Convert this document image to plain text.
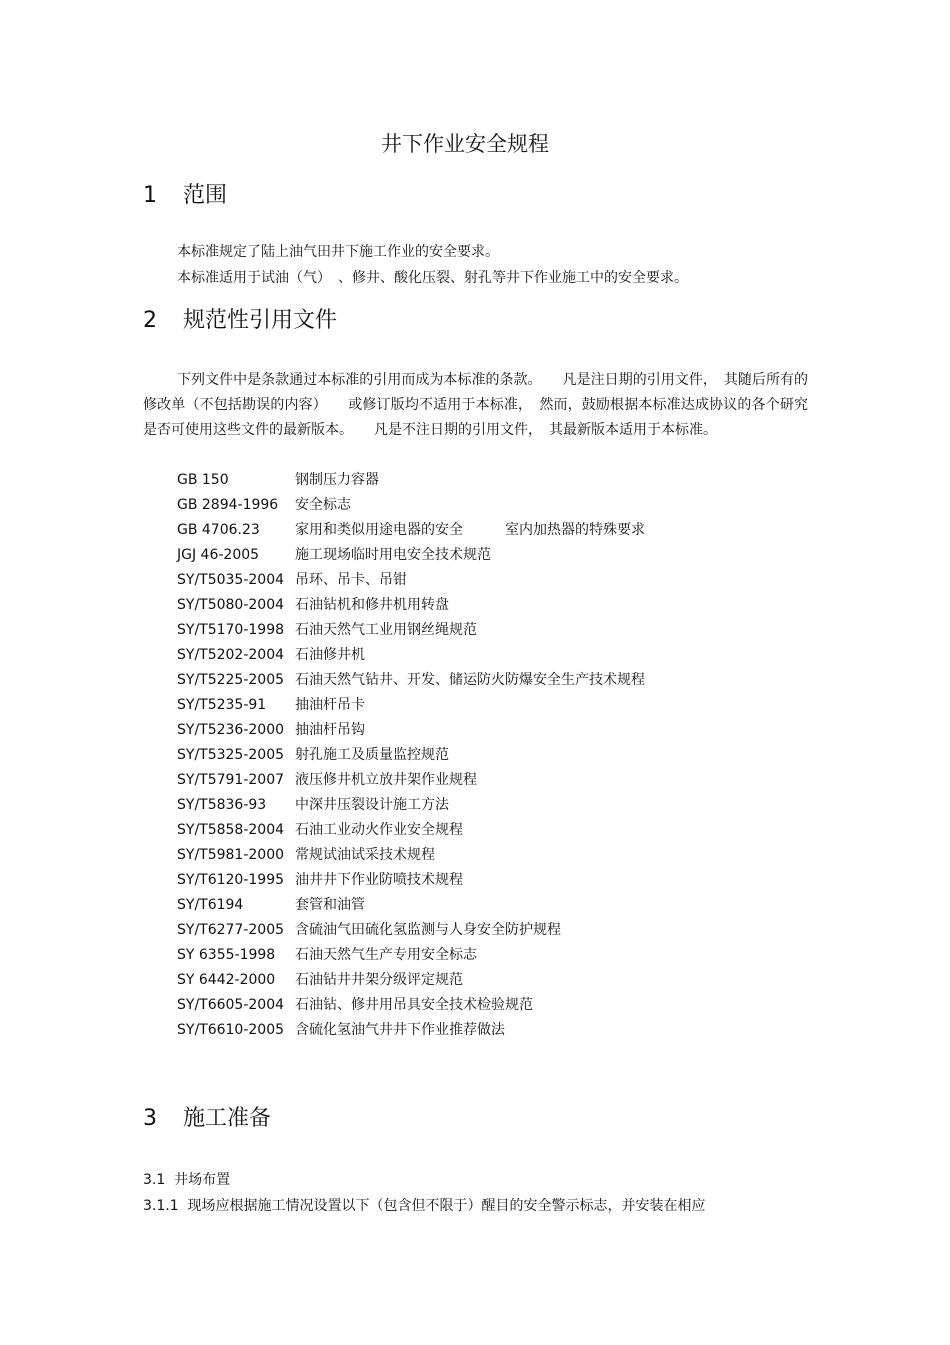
井下作业安全规程
1 范围
本标准规定了陆上油气田井下施工作业的安全要求。
本标准适用于试油（气）　、修井、酸化压裂、射孔等井下作业施工中的安全要求。
2 规范性引用文件
下列文件中是条款通过本标准的引用而成为本标准的条款。　　凡是注日期的引用文件，　其随后所有的修改单（不包括勘误的内容）　　或修订版均不适用于本标准，　然而，鼓励根据本标准达成协议的各个研究是否可使用这些文件的最新版本。　　凡是不注日期的引用文件，　其最新版本适用于本标准。
GB 150	钢制压力容器
GB 2894-1996 安全标志
GB 4706.23	家用和类似用途电器的安全　　　室内加热器的特殊要求
JGJ 46-2005	施工现场临时用电安全技术规范
SY/T5035-2004 吊环、吊卡、吊钳
SY/T5080-2004 石油钻机和修井机用转盘
SY/T5170-1998 石油天然气工业用钢丝绳规范
SY/T5202-2004 石油修井机
SY/T5225-2005 石油天然气钻井、开发、储运防火防爆安全生产技术规程
SY/T5235-91 抽油杆吊卡
SY/T5236-2000 抽油杆吊钩
SY/T5325-2005 射孔施工及质量监控规范
SY/T5791-2007 液压修井机立放井架作业规程
SY/T5836-93 中深井压裂设计施工方法
SY/T5858-2004 石油工业动火作业安全规程
SY/T5981-2000 常规试油试采技术规程
SY/T6120-1995 油井井下作业防喷技术规程
SY/T6194	套管和油管
SY/T6277-2005 含硫油气田硫化氢监测与人身安全防护规程
SY 6355-1998 石油天然气生产专用安全标志
SY 6442-2000 石油钻井井架分级评定规范
SY/T6605-2004 石油钻、修井用吊具安全技术检验规范
SY/T6610-2005 含硫化氢油气井井下作业推荐做法
3 施工准备
3.1 井场布置
3.1.1 现场应根据施工情况设置以下（包含但不限于）醒目的安全警示标志，并安装在相应
